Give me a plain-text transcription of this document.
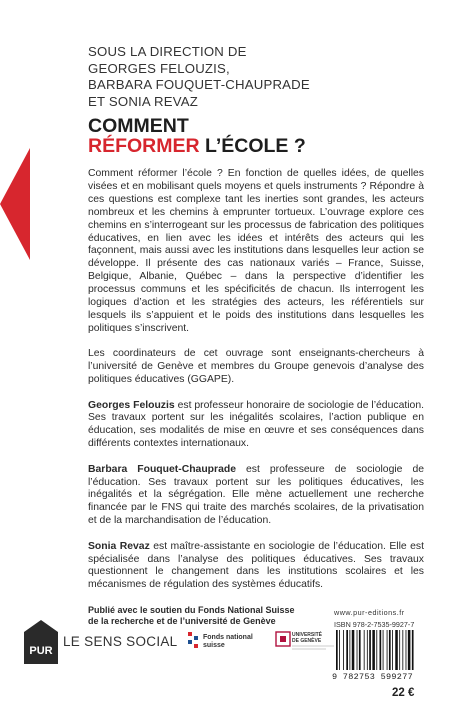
SOUS LA DIRECTION DE
GEORGES FELOUZIS,
BARBARA FOUQUET-CHAUPRADE
ET SONIA REVAZ
COMMENT
RÉFORMER L’ÉCOLE ?

Comment réformer l’école ? En fonction de quelles idées, de quelles visées et en mobilisant quels moyens et quels instruments ? Répondre à ces questions est complexe tant les inerties sont grandes, les acteurs nombreux et les chemins à emprunter tortueux. L’ouvrage explore ces chemins en s’interrogeant sur les processus de fabrication des politiques éducatives, en lien avec les idées et intérêts des acteurs qui les façonnent, mais aussi avec les institutions dans lesquelles leur action se développe. Il présente des cas nationaux variés – France, Suisse, Belgique, Albanie, Québec – dans la perspective d’identifier les processus communs et les spécificités de chacun. Ils interrogent les logiques d’action et les stratégies des acteurs, les référentiels sur lesquels ils s’appuient et le poids des institutions dans lesquelles les politiques s’inscrivent.

Les coordinateurs de cet ouvrage sont enseignants-chercheurs à l’université de Genève et membres du Groupe genevois d’analyse des politiques éducatives (GGAPE).

Georges Felouzis est professeur honoraire de sociologie de l’éducation. Ses travaux portent sur les inégalités scolaires, l’action publique en éducation, ses modalités de mise en œuvre et ses conséquences dans différents contextes internationaux.

Barbara Fouquet-Chauprade est professeure de sociologie de l’éducation. Ses travaux portent sur les politiques éducatives, les inégalités et la ségrégation. Elle mène actuellement une recherche financée par le FNS qui traite des marchés scolaires, de la privatisation et de la marchandisation de l’éducation.

Sonia Revaz est maître-assistante en sociologie de l’éducation. Elle est spécialisée dans l’analyse des politiques éducatives. Ses travaux questionnent le changement dans les institutions scolaires et les mécanismes de régulation des systèmes éducatifs.

Publié avec le soutien du Fonds National Suisse
de la recherche et de l’université de Genève
PUR
LE SENS SOCIAL	Fonds national
suisse
UNIVERSITÉ
DE GENÈVE
www.pur-editions.fr
ISBN 978-2-7535-9927-7
9 782753 599277
22 €
